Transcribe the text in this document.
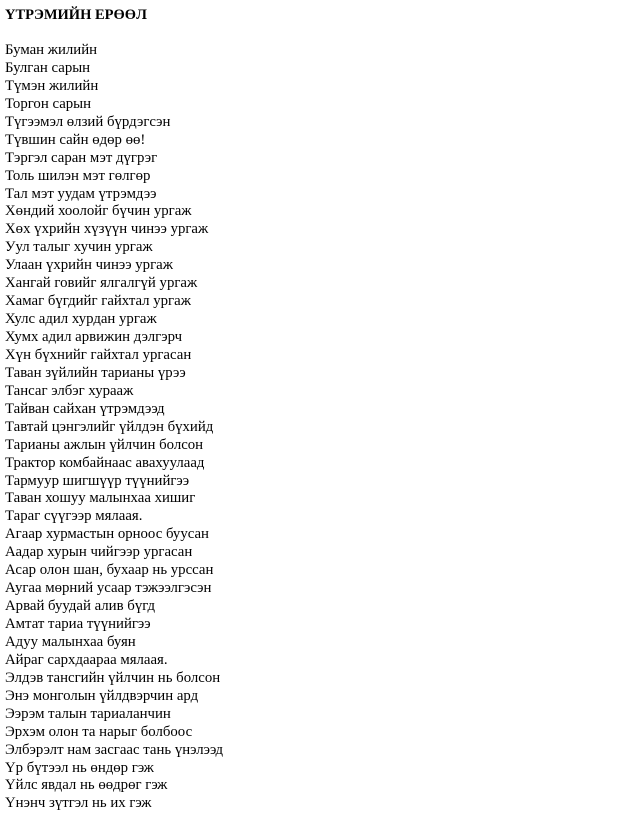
ҮТРЭМИЙН ЕРӨӨЛ
Буман жилийн
Булган сарын
Түмэн жилийн
Торгон сарын
Түгээмэл өлзий бүрдэгсэн
Түвшин сайн өдөр өө!
Тэргэл саран мэт дүгрэг
Толь шилэн мэт гөлгөр
Тал мэт уудам үтрэмдээ
Хөндий хоолойг бүчин ургаж
Хөх үхрийн хүзүүн чинээ ургаж
Уул талыг хучин ургаж
Улаан үхрийн чинээ ургаж
Хангай говийг ялгалгүй ургаж
Хамаг бүгдийг гайхтал ургаж
Хулс адил хурдан ургаж
Хумх адил арвижин дэлгэрч
Хүн бүхнийг гайхтал ургасан
Таван зүйлийн тарианы үрээ
Тансаг элбэг хурааж
Тайван сайхан үтрэмдээд
Тавтай цэнгэлийг үйлдэн бүхийд
Тарианы ажлын үйлчин болсон
Трактор комбайнаас авахуулаад
Тармуур шигшүүр түүнийгээ
Таван хошуу малынхаа хишиг
Тараг сүүгээр мялаая.
Агаар хурмастын орноос буусан
Аадар хурын чийгээр ургасан
Асар олон шан, бухаар нь урссан
Аугаа мөрний усаар тэжээлгэсэн
Арвай буудай алив бүгд
Амтат тариа түүнийгээ
Адуу малынхаа буян
Айраг сархдаараа мялаая.
Элдэв тансгийн үйлчин нь болсон
Энэ монголын үйлдвэрчин ард
Ээрэм талын тариаланчин
Эрхэм олон та нарыг болбоос
Элбэрэлт нам засгаас тань үнэлээд
Үр бүтээл нь өндөр гэж
Үйлс явдал нь өөдрөг гэж
Үнэнч зүтгэл нь их гэж
